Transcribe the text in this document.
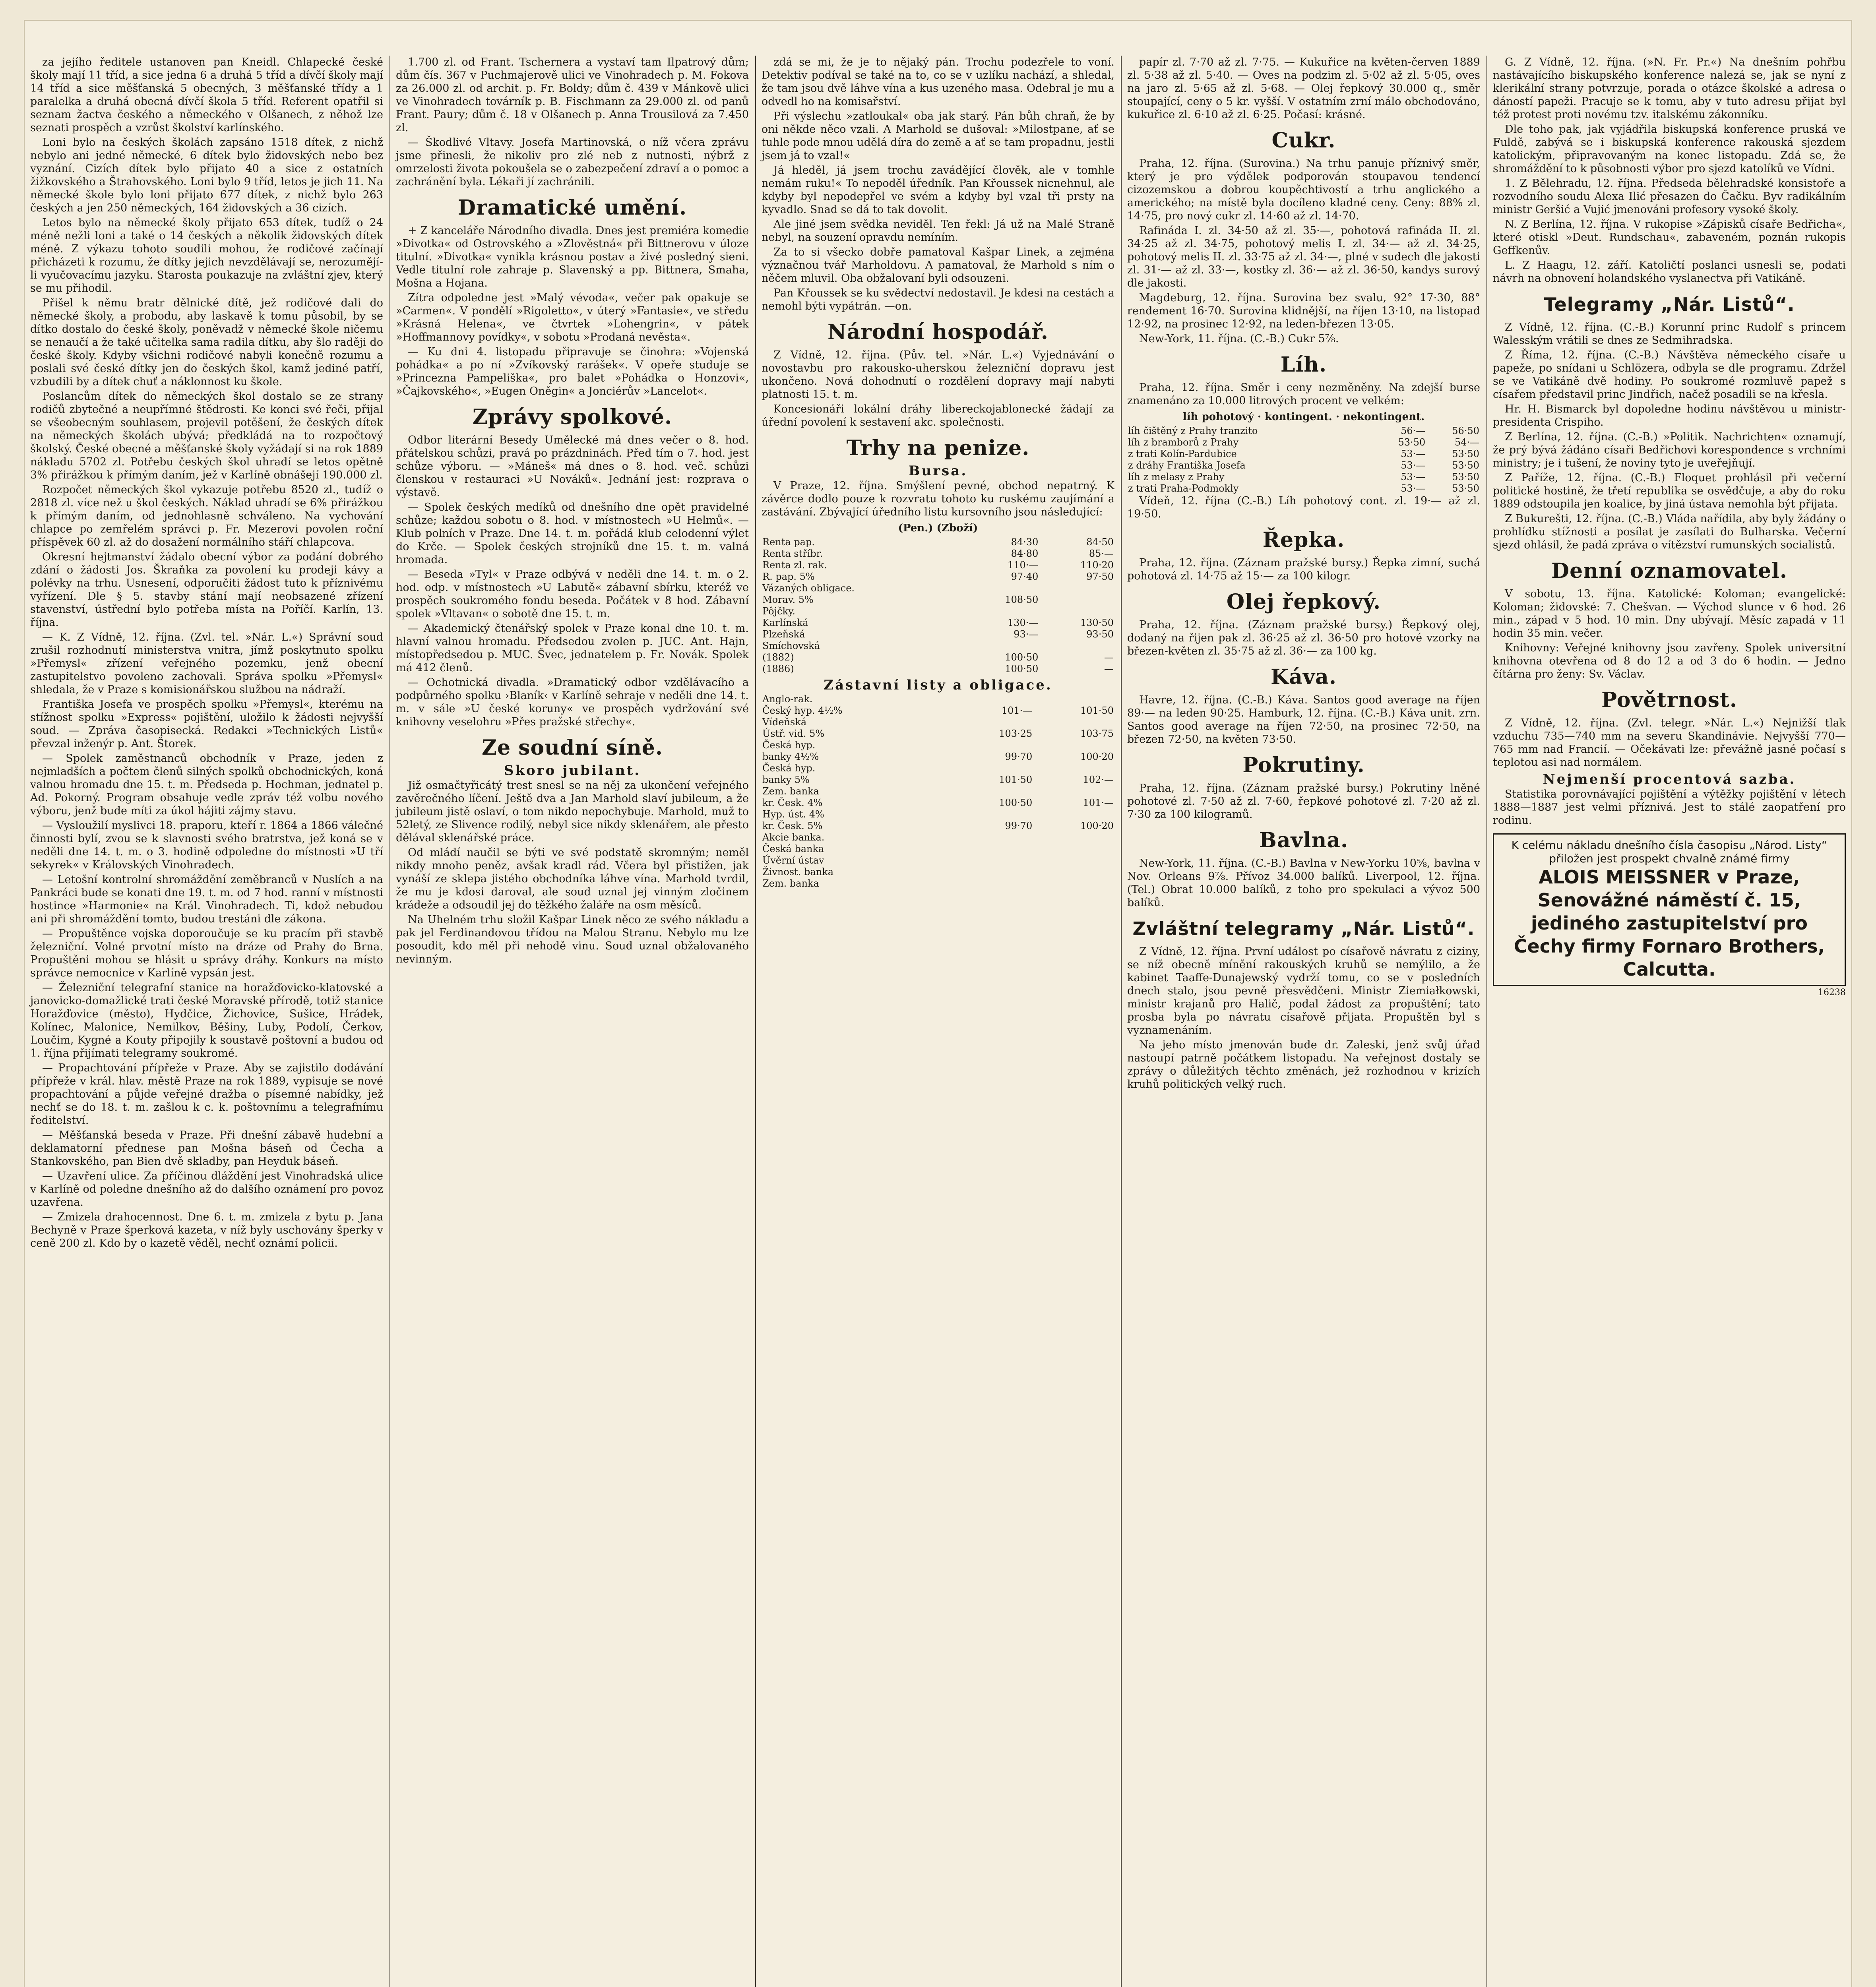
za jejího ředitele ustanoven pan Kneidl. Chlapecké české školy mají 11 tříd, a sice jedna 6 a druhá 5 tříd a dívčí školy mají 14 tříd a sice měšťanská 5 obecných, 3 měšťanské třídy a 1 paralelka a druhá obecná dívčí škola 5 tříd. Referent opatřil si seznam žactva českého a německého v Olšanech, z něhož lze seznati prospěch a vzrůst školství karlínského.

Loni bylo na českých školách zapsáno 1518 dítek, z nichž nebylo ani jedné německé, 6 dítek bylo židovských nebo bez vyznání. Cizích dítek bylo přijato 40 a sice z ostatních žižkovského a Štrahovského. Loni bylo 9 tříd, letos je jich 11. Na německé škole bylo loni přijato 677 dítek, z nichž bylo 263 českých a jen 250 německých, 164 židovských a 36 cizích.

Letos bylo na německé školy přijato 653 dítek, tudíž o 24 méně nežli loni a také o 14 českých a několik židovských dítek méně. Z výkazu tohoto soudili mohou, že rodičové začínají přicházeti k rozumu, že dítky jejich nevzdělávají se, nerozumějí-li vyučovacímu jazyku. Starosta poukazuje na zvláštní zjev, který se mu přihodil.

Přišel k němu bratr dělnické dítě, jež rodičové dali do německé školy, a probodu, aby laskavě k tomu působil, by se dítko dostalo do české školy, poněvadž v německé škole ničemu se nenaučí a že také učitelka sama radila dítku, aby šlo raději do české školy. Kdyby všichni rodičové nabyli konečně rozumu a poslali své české dítky jen do českých škol, kamž jediné patří, vzbudili by a dítek chuť a náklonnost ku škole.

Poslancům dítek do německých škol dostalo se ze strany rodičů zbytečné a neupřímné štědrosti. Ke konci své řeči, přijal se všeobecným souhlasem, projevil potěšení, že českých dítek na německých školách ubývá; předkládá na to rozpočtový školský. České obecné a měšťanské školy vyžádají si na rok 1889 nákladu 5702 zl. Potřebu českých škol uhradí se letos opětně 3% přirážkou k přímým daním, jež v Karlíně obnášejí 190.000 zl.

Rozpočet německých škol vykazuje potřebu 8520 zl., tudíž o 2818 zl. více než u škol českých. Náklad uhradí se 6% přirážkou k přímým daním, od jednohlasně schváleno. Na vychování chlapce po zemřelém správci p. Fr. Mezerovi povolen roční příspěvek 60 zl. až do dosažení normálního stáří chlapcova.

Okresní hejtmanství žádalo obecní výbor za podání dobrého zdání o žádosti Jos. Škraňka za povolení ku prodeji kávy a polévky na trhu. Usnesení, odporučiti žádost tuto k příznivému vyřízení. Dle § 5. stavby stání mají neobsazené zřízení stavenství, ústřední bylo potřeba místa na Poříčí. Karlín, 13. října.

— K. Z Vídně, 12. října. (Zvl. tel. »Nár. L.«) Správní soud zrušil rozhodnutí ministerstva vnitra, jímž poskytnuto spolku »Přemysl« zřízení veřejného pozemku, jenž obecní zastupitelstvo povoleno zachovali. Správa spolku »Přemysl« shledala, že v Praze s komisionářskou službou na nádraží.

Františka Josefa ve prospěch spolku »Přemysl«, kterému na stížnost spolku »Express« pojištění, uložilo k žádosti nejvyšší soud. — Zpráva časopisecká. Redakci »Technických Listů« převzal inženýr p. Ant. Štorek.

— Spolek zaměstnanců obchodník v Praze, jeden z nejmladších a počtem členů silných spolků obchodnických, koná valnou hromadu dne 15. t. m. Předseda p. Hochman, jednatel p. Ad. Pokorný. Program obsahuje vedle zpráv též volbu nového výboru, jenž bude míti za úkol hájiti zájmy stavu.

— Vysloužilí myslivci 18. praporu, kteří r. 1864 a 1866 válečné činnosti bylí, zvou se k slavnosti svého bratrstva, jež koná se v neděli dne 14. t. m. o 3. hodině odpoledne do místnosti »U tří sekyrek« v Královských Vinohradech.

— Letošní kontrolní shromáždění zeměbranců v Nuslích a na Pankráci bude se konati dne 19. t. m. od 7 hod. ranní v místnosti hostince »Harmonie« na Král. Vinohradech. Ti, kdož nebudou ani při shromáždění tomto, budou trestáni dle zákona.

— Propuštěnce vojska doporoučuje se ku pracím při stavbě železniční. Volné prvotní místo na dráze od Prahy do Brna. Propuštěni mohou se hlásit u správy dráhy. Konkurs na místo správce nemocnice v Karlíně vypsán jest.

— Železniční telegrafní stanice na horažďovicko-klatovské a janovicko-domažlické trati české Moravské přírodě, totiž stanice Horažďovice (město), Hydčice, Žichovice, Sušice, Hrádek, Kolínec, Malonice, Nemilkov, Běšiny, Luby, Podolí, Čerkov, Loučim, Kygné a Kouty připojily k soustavě poštovní a budou od 1. října přijímati telegramy soukromé.

— Propachtování přípřeže v Praze. Aby se zajistilo dodávání přípřeže v král. hlav. městě Praze na rok 1889, vypisuje se nové propachtování a půjde veřejné dražba o písemné nabídky, jež nechť se do 18. t. m. zašlou k c. k. poštovnímu a telegrafnímu ředitelství.

— Měšťanská beseda v Praze. Při dnešní zábavě hudební a deklamatorní přednese pan Mošna báseň od Čecha a Stankovského, pan Bien dvě skladby, pan Heyduk báseň.

— Uzavření ulice. Za příčinou dláždění jest Vinohradská ulice v Karlíně od poledne dnešního až do dalšího oznámení pro povoz uzavřena.

— Zmizela drahocennost. Dne 6. t. m. zmizela z bytu p. Jana Bechyně v Praze šperková kazeta, v níž byly uschovány šperky v ceně 200 zl. Kdo by o kazetě věděl, nechť oznámí policii.

1.700 zl. od Frant. Tschernera a vystaví tam Ilpatrový dům; dům čís. 367 v Puchmajerově ulici ve Vinohradech p. M. Fokova za 26.000 zl. od archit. p. Fr. Boldy; dům č. 439 v Mánkově ulici ve Vinohradech továrník p. B. Fischmann za 29.000 zl. od panů Frant. Paury; dům č. 18 v Olšanech p. Anna Trousilová za 7.450 zl.

— Škodlivé Vltavy. Josefa Martinovská, o níž včera zprávu jsme přinesli, že nikoliv pro zlé neb z nutnosti, nýbrž z omrzelosti života pokoušela se o zabezpečení zdraví a o pomoc a zachránění byla. Lékaři jí zachránili.

Dramatické umění.

+ Z kanceláře Národního divadla. Dnes jest premiéra komedie »Divotka« od Ostrovského a »Zlověstná« při Bittnerovu v úloze titulní. »Divotka« vynikla krásnou postav a živé posledný sieni. Vedle titulní role zahraje p. Slavenský a pp. Bittnera, Smaha, Mošna a Hojana.

Zítra odpoledne jest »Malý vévoda«, večer pak opakuje se »Carmen«. V pondělí »Rigoletto«, v úterý »Fantasie«, ve středu »Krásná Helena«, ve čtvrtek »Lohengrin«, v pátek »Hoffmannovy povídky«, v sobotu »Prodaná nevěsta«.

— Ku dni 4. listopadu připravuje se činohra: »Vojenská pohádka« a po ní »Zvíkovský rarášek«. V opeře studuje se »Princezna Pampeliška«, pro balet »Pohádka o Honzovi«, »Čajkovského«, »Eugen Oněgin« a Jonciérův »Lancelot«.

Zprávy spolkové.

Odbor literární Besedy Umělecké má dnes večer o 8. hod. přátelskou schůzi, pravá po prázdninách. Před tím o 7. hod. jest schůze výboru. — »Máneš« má dnes o 8. hod. več. schůzi členskou v restauraci »U Nováků«. Jednání jest: rozprava o výstavě.

— Spolek českých medíků od dnešního dne opět pravidelné schůze; každou sobotu o 8. hod. v místnostech »U Helmů«. — Klub polních v Praze. Dne 14. t. m. pořádá klub celodenní výlet do Krče. — Spolek českých strojníků dne 15. t. m. valná hromada.

— Beseda »Tyl« v Praze odbývá v neděli dne 14. t. m. o 2. hod. odp. v místnostech »U Labutě« zábavní sbírku, kteréž ve prospěch soukromého fondu beseda. Počátek v 8 hod. Zábavní spolek »Vltavan« o sobotě dne 15. t. m.

— Akademický čtenářský spolek v Praze konal dne 10. t. m. hlavní valnou hromadu. Předsedou zvolen p. JUC. Ant. Hajn, místopředsedou p. MUC. Švec, jednatelem p. Fr. Novák. Spolek má 412 členů.

— Ochotnická divadla. »Dramatický odbor vzdělávacího a podpůrného spolku ›Blaník‹ v Karlíně sehraje v neděli dne 14. t. m. v sále »U české koruny« ve prospěch vydržování své knihovny veselohru »Přes pražské střechy«.

Ze soudní síně.
Skoro jubilant.

Již osmačtyřicátý trest snesl se na něj za ukončení veřejného zavěrečného líčení. Ještě dva a Jan Marhold slaví jubileum, a že jubileum jistě oslaví, o tom nikdo nepochybuje. Marhold, muž to 52letý, ze Slivence rodilý, nebyl sice nikdy sklenářem, ale přesto dělával sklenářské práce.

Od mládí naučil se býti ve své podstatě skromným; neměl nikdy mnoho peněz, avšak kradl rád. Včera byl přistižen, jak vynáší ze sklepa jistého obchodníka láhve vína. Marhold tvrdil, že mu je kdosi daroval, ale soud uznal jej vinným zločinem krádeže a odsoudil jej do těžkého žaláře na osm měsíců.

Na Uhelném trhu složil Kašpar Linek něco ze svého nákladu a pak jel Ferdinandovou třídou na Malou Stranu. Nebylo mu lze posoudit, kdo měl při nehodě vinu. Soud uznal obžalovaného nevinným.

zdá se mi, že je to nějaký pán. Trochu podezřele to voní. Detektiv podíval se také na to, co se v uzlíku nachází, a shledal, že tam jsou dvě láhve vína a kus uzeného masa. Odebral je mu a odvedl ho na komisařství.

Při výslechu »zatloukal« oba jak starý. Pán bůh chraň, že by oni někde něco vzali. A Marhold se dušoval: »Milostpane, ať se tuhle pode mnou udělá díra do země a ať se tam propadnu, jestli jsem já to vzal!«

Já hleděl, já jsem trochu zavádějící člověk, ale v tomhle nemám ruku!« To nepoděl úředník. Pan Křoussek nicnehnul, ale kdyby byl nepodepřel ve svém a kdyby byl vzal tři prsty na kyvadlo. Snad se dá to tak dovolit.

Ale jiné jsem svědka neviděl. Ten řekl: Já už na Malé Straně nebyl, na souzení opravdu nemíním.

Za to si všecko dobře pamatoval Kašpar Linek, a zejména význačnou tvář Marholdovu. A pamatoval, že Marhold s ním o něčem mluvil. Oba obžalovaní byli odsouzeni.

Pan Křoussek se ku svědectví nedostavil. Je kdesi na cestách a nemohl býti vypátrán. —on.

Národní hospodář.

Z Vídně, 12. října. (Pův. tel. »Nár. L.«) Vyjednávání o novostavbu pro rakousko-uherskou železniční dopravu jest ukončeno. Nová dohodnutí o rozdělení dopravy mají nabyti platnosti 15. t. m.

Koncesionáři lokální dráhy libereckojablonecké žádají za úřední povolení k sestavení akc. společnosti.

Trhy na penize.
Bursa.

V Praze, 12. října. Smýšlení pevné, obchod nepatrný. K závěrce dodlo pouze k rozvratu tohoto ku ruskému zaujímání a zastávání. Zbývající úředního listu kursovního jsou následující:

(Pen.) (Zboží)
Renta pap.	84·30	84·50
Renta stříbr.	84·80	85·—
Renta zl. rak.	110·—	110·20
R. pap. 5%	97·40	97·50
Vázaných obligace.		
Morav. 5%	108·50	
Pôjčky.		
Karlínská	130·—	130·50
Plzeňská	93·—	93·50
Smíchovská		
(1882)	100·50	—
(1886)	100·50	—
Zástavní listy a obligace.
Anglo-rak.		
Český hyp. 4½%	101·—	101·50
Vídeňská		
Ústř. vid. 5%	103·25	103·75
Česká hyp.		
banky 4½%	99·70	100·20
Česká hyp.		
banky 5%	101·50	102·—
Zem. banka		
kr. Česk. 4%	100·50	101·—
Hyp. úst. 4%		
kr. Česk. 5%	99·70	100·20
Akcie banka.		
Česká banka		
Úvěrní ústav		
Živnost. banka		
Zem. banka		

papír zl. 7·70 až zl. 7·75. — Kukuřice na květen-červen 1889 zl. 5·38 až zl. 5·40. — Oves na podzim zl. 5·02 až zl. 5·05, oves na jaro zl. 5·65 až zl. 5·68. — Olej řepkový 30.000 q., směr stoupající, ceny o 5 kr. vyšší. V ostatním zrní málo obchodováno, kukuřice zl. 6·10 až zl. 6·25. Počasí: krásné.

Cukr.

Praha, 12. října. (Surovina.) Na trhu panuje příznivý směr, který je pro výdělek podporován stoupavou tendencí cizozemskou a dobrou koupěchtivostí a trhu anglického a amerického; na místě byla docíleno kladné ceny. Ceny: 88% zl. 14·75, pro nový cukr zl. 14·60 až zl. 14·70.

Rafináda I. zl. 34·50 až zl. 35·—, pohotová rafináda II. zl. 34·25 až zl. 34·75, pohotový melis I. zl. 34·— až zl. 34·25, pohotový melis II. zl. 33·75 až zl. 34·—, plné v sudech dle jakosti zl. 31·— až zl. 33·—, kostky zl. 36·— až zl. 36·50, kandys surový dle jakosti.

Magdeburg, 12. října. Surovina bez svalu, 92° 17·30, 88° rendement 16·70. Surovina klidnější, na říjen 13·10, na listopad 12·92, na prosinec 12·92, na leden-březen 13·05.

New-York, 11. října. (C.-B.) Cukr 5⅞.

Líh.

Praha, 12. října. Směr i ceny nezměněny. Na zdejší burse znamenáno za 10.000 litrových procent ve velkém:

líh pohotový · kontingent. · nekontingent.
líh čištěný z Prahy tranzito	56·—	56·50
líh z bramborů z Prahy	53·50	54·—
z trati Kolín-Pardubice	53·—	53·50
z dráhy Františka Josefa	53·—	53·50
líh z melasy z Prahy	53·—	53·50
z trati Praha-Podmokly	53·—	53·50

Vídeň, 12. října (C.-B.) Líh pohotový cont. zl. 19·— až zl. 19·50.

Řepka.

Praha, 12. října. (Záznam pražské bursy.) Řepka zimní, suchá pohotová zl. 14·75 až 15·— za 100 kilogr.

Olej řepkový.

Praha, 12. října. (Záznam pražské bursy.) Řepkový olej, dodaný na řijen pak zl. 36·25 až zl. 36·50 pro hotové vzorky na březen-květen zl. 35·75 až zl. 36·— za 100 kg.

Káva.

Havre, 12. října. (C.-B.) Káva. Santos good average na říjen 89·— na leden 90·25. Hamburk, 12. října. (C.-B.) Káva unit. zrn. Santos good average na říjen 72·50, na prosinec 72·50, na březen 72·50, na květen 73·50.

Pokrutiny.

Praha, 12. října. (Záznam pražské bursy.) Pokrutiny lněné pohotové zl. 7·50 až zl. 7·60, řepkové pohotové zl. 7·20 až zl. 7·30 za 100 kilogramů.

Bavlna.

New-York, 11. října. (C.-B.) Bavlna v New-Yorku 10⅝, bavlna v Nov. Orleans 9⅞. Přívoz 34.000 balíků. Liverpool, 12. října. (Tel.) Obrat 10.000 balíků, z toho pro spekulaci a vývoz 500 balíků.

Zvláštní telegramy „Nár. Listů“.

Z Vídně, 12. října. První událost po císařově návratu z ciziny, se níž obecně mínění rakouských kruhů se nemýlilo, a že kabinet Taaffe-Dunajewský vydrží tomu, co se v posledních dnech stalo, jsou pevně přesvědčeni. Ministr Ziemiałkowski, ministr krajanů pro Halič, podal žádost za propuštění; tato prosba byla po návratu císařově přijata. Propuštěn byl s vyznamenáním.

Na jeho místo jmenován bude dr. Zaleski, jenž svůj úřad nastoupí patrně počátkem listopadu. Na veřejnost dostaly se zprávy o důležitých těchto změnách, jež rozhodnou v krizích kruhů politických velký ruch.

G. Z Vídně, 12. října. (»N. Fr. Pr.«) Na dnešním pohřbu nastávajícího biskupského konference nalezá se, jak se nyní z klerikální strany potvrzuje, porada o otázce školské a adresa o dáností papeži. Pracuje se k tomu, aby v tuto adresu přijat byl též protest proti novému tzv. italskému zákonníku.

Dle toho pak, jak vyjádřila biskupská konference pruská ve Fuldě, zabývá se i biskupská konference rakouská sjezdem katolickým, připravovaným na konec listopadu. Zdá se, že shromáždění to k působnosti výbor pro sjezd katolíků ve Vídni.

1. Z Bělehradu, 12. října. Předseda bělehradské konsistoře a rozvodního soudu Alexa Ilić přesazen do Čačku. Byv radikálním ministr Geršić a Vujić jmenováni profesory vysoké školy.

N. Z Berlína, 12. října. V rukopise »Zápisků císaře Bedřicha«, které otiskl »Deut. Rundschau«, zabaveném, poznán rukopis Geffkenův.

L. Z Haagu, 12. září. Katoličtí poslanci usnesli se, podati návrh na obnovení holandského vyslanectva při Vatikáně.

Telegramy „Nár. Listů“.

Z Vídně, 12. října. (C.-B.) Korunní princ Rudolf s princem Walesským vrátili se dnes ze Sedmihradska.

Z Říma, 12. října. (C.-B.) Návštěva německého císaře u papeže, po snídani u Schlözera, odbyla se dle programu. Zdržel se ve Vatikáně dvě hodiny. Po soukromé rozmluvě papež s císařem představil princ Jindřich, načež posadili se na křesla.

Hr. H. Bismarck byl dopoledne hodinu návštěvou u ministr-presidenta Crispiho.

Z Berlína, 12. října. (C.-B.) »Politik. Nachrichten« oznamují, že prý bývá žádáno císaři Bedřichovi korespondence s vrchními ministry; je i tušení, že noviny tyto je uveřejňují.

Z Paříže, 12. října. (C.-B.) Floquet prohlásil při večerní politické hostině, že třetí republika se osvědčuje, a aby do roku 1889 odstoupila jen koalice, by jiná ústava nemohla být přijata.

Z Bukurešti, 12. října. (C.-B.) Vláda nařídila, aby byly žádány o prohlídku stížnosti a posílat je zasílati do Bulharska. Večerní sjezd ohlásil, že padá zpráva o vítězství rumunských socialistů.

Denní oznamovatel.

V sobotu, 13. října. Katolické: Koloman; evangelické: Koloman; židovské: 7. Chešvan. — Východ slunce v 6 hod. 26 min., západ v 5 hod. 10 min. Dny ubývají. Měsíc zapadá v 11 hodin 35 min. večer.

Knihovny: Veřejné knihovny jsou zavřeny. Spolek universitní knihovna otevřena od 8 do 12 a od 3 do 6 hodin. — Jedno čítárna pro ženy: Sv. Václav.

Povětrnost.

Z Vídně, 12. října. (Zvl. telegr. »Nár. L.«) Nejnižší tlak vzduchu 735—740 mm na severu Skandinávie. Nejvyšší 770—765 mm nad Francií. — Očekávati lze: převážně jasné počasí s teplotou asi nad normálem.

Nejmenší procentová sazba.

Statistika porovnávající pojištění a výtěžky pojištění v létech 1888—1887 jest velmi příznivá. Jest to stálé zaopatření pro rodinu.

K celému nákladu dnešního čísla časopisu „Národ. Listy“ přiložen jest prospekt chvalně známé firmy
ALOIS MEISSNER v Praze, Senovážné náměstí č. 15, jediného zastupitelství pro Čechy firmy Fornaro Brothers, Calcutta.
16238
